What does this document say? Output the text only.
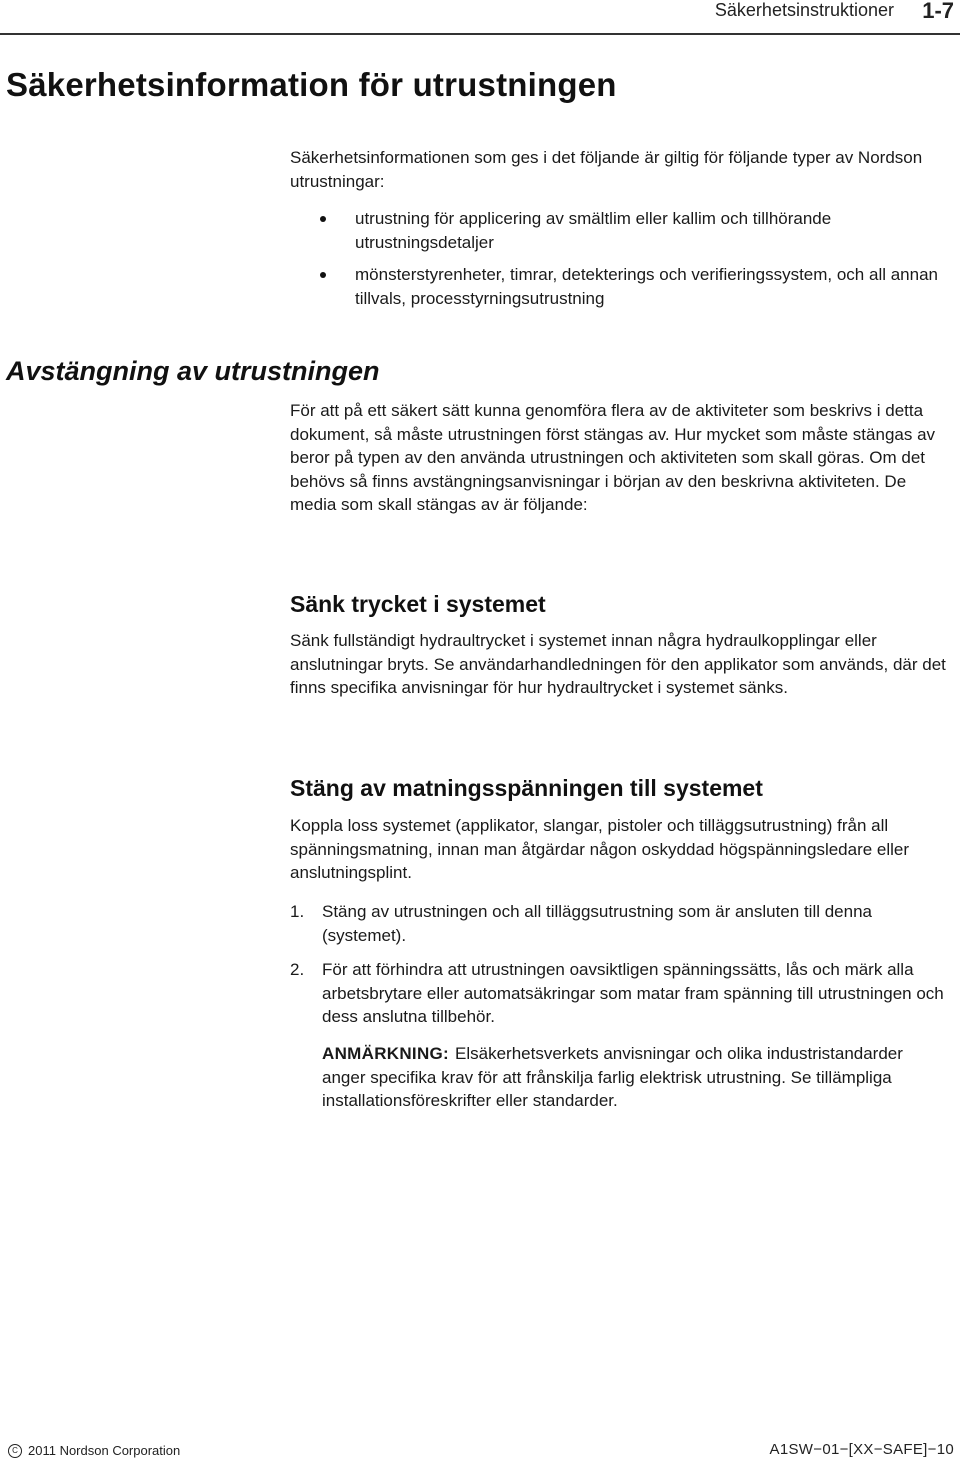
Säkerhetsinstruktioner 1-7
Säkerhetsinformation för utrustningen

Säkerhetsinformationen som ges i det följande är giltig för följande typer av Nordson utrustningar:

utrustning för applicering av smältlim eller kallim och tillhörande utrustningsdetaljer
mönsterstyrenheter, timrar, detekterings och verifieringssystem, och all annan tillvals, processtyrningsutrustning
Avstängning av utrustningen

För att på ett säkert sätt kunna genomföra flera av de aktiviteter som beskrivs i detta dokument, så måste utrustningen först stängas av. Hur mycket som måste stängas av beror på typen av den använda utrustningen och aktiviteten som skall göras. Om det behövs så finns avstängningsanvisningar i början av den beskrivna aktiviteten. De media som skall stängas av är följande:

Sänk trycket i systemet

Sänk fullständigt hydraultrycket i systemet innan några hydraulkopplingar eller anslutningar bryts. Se användarhandledningen för den applikator som används, där det finns specifika anvisningar för hur hydraultrycket i systemet sänks.

Stäng av matningsspänningen till systemet

Koppla loss systemet (applikator, slangar, pistoler och tilläggsutrustning) från all spänningsmatning, innan man åtgärdar någon oskyddad högspänningsledare eller anslutningsplint.

1. Stäng av utrustningen och all tilläggsutrustning som är ansluten till denna (systemet).
2. För att förhindra att utrustningen oavsiktligen spänningssätts, lås och märk alla arbetsbrytare eller automatsäkringar som matar fram spänning till utrustningen och dess anslutna tillbehör.

ANMÄRKNING: Elsäkerhetsverkets anvisningar och olika industristandarder anger specifika krav för att frånskilja farlig elektrisk utrustning. Se tillämpliga installationsföreskrifter eller standarder.

C 2011 Nordson Corporation	A1SW−01−[XX−SAFE]−10
